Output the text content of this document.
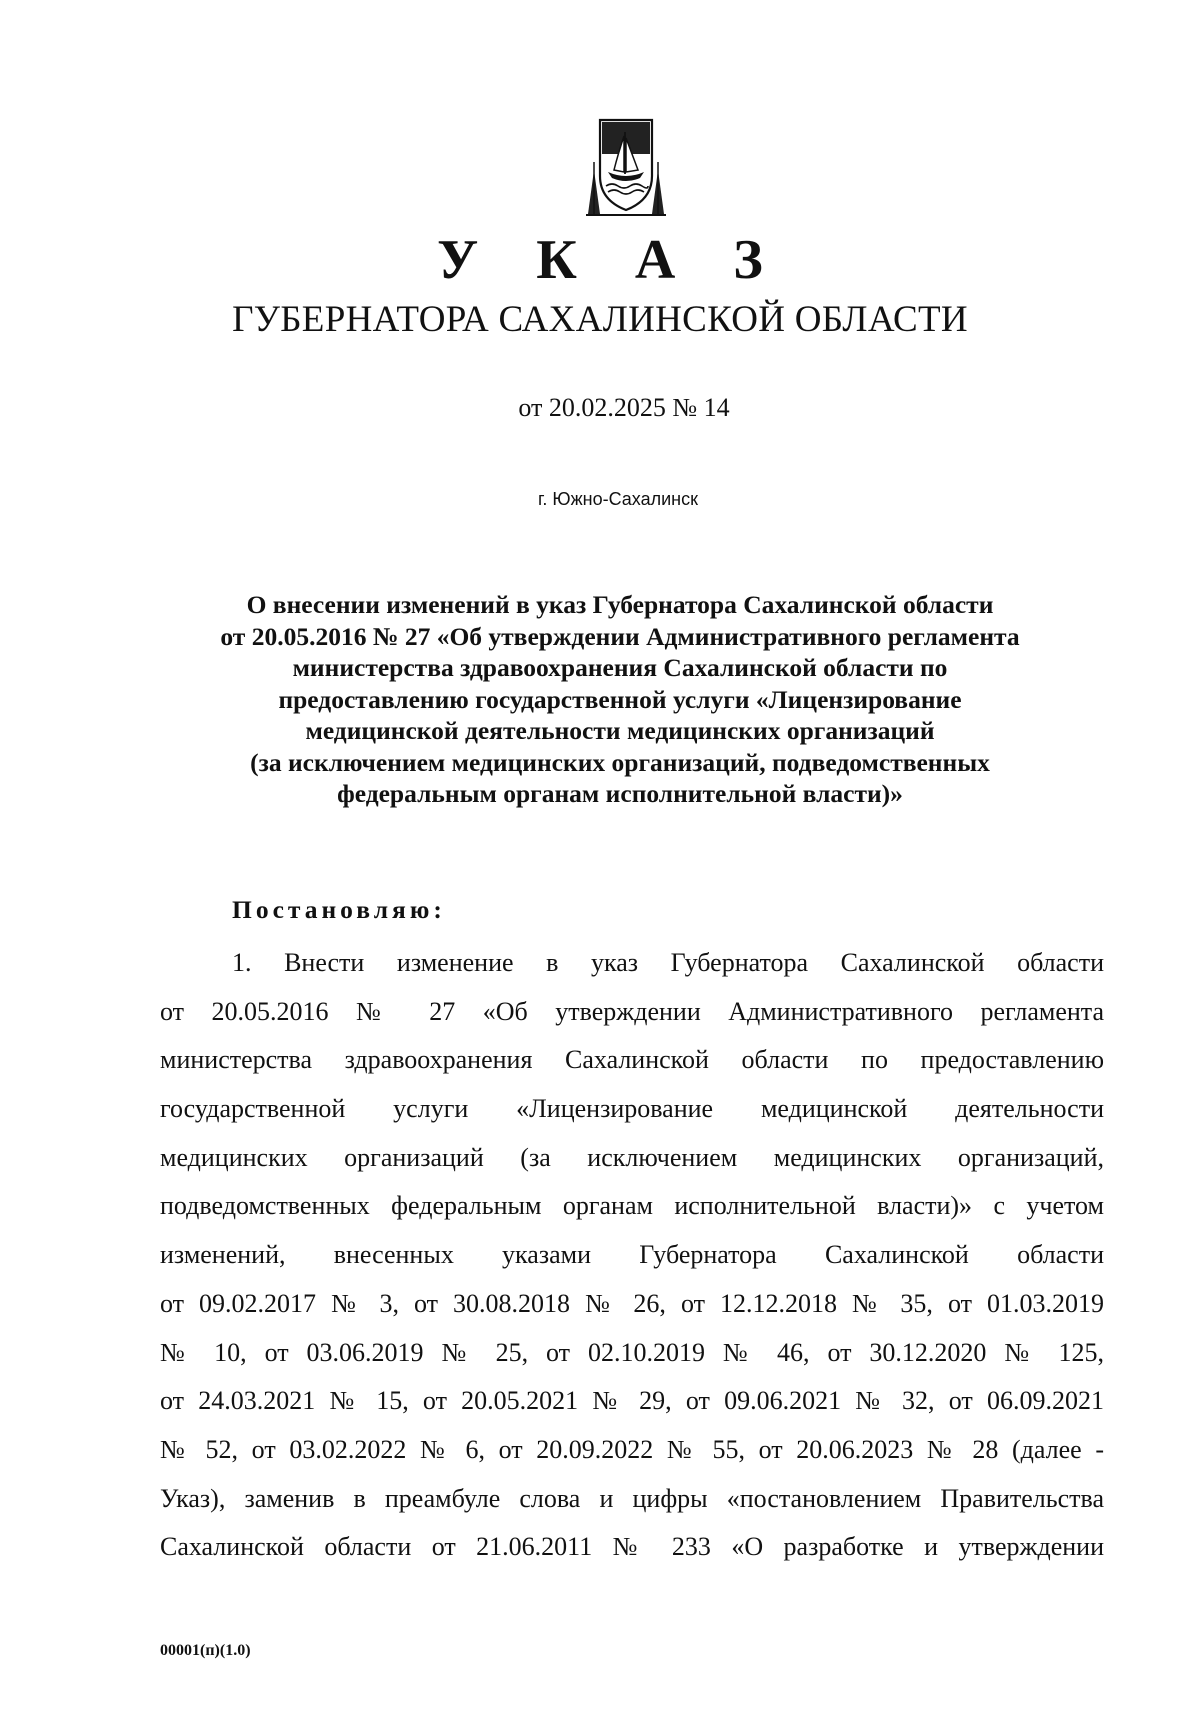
У К А З
ГУБЕРНАТОРА САХАЛИНСКОЙ ОБЛАСТИ
от 20.02.2025 № 14
г. Южно-Сахалинск
О внесении изменений в указ Губернатора Сахалинской области
от 20.05.2016 № 27 «Об утверждении Административного регламента
министерства здравоохранения Сахалинской области по
предоставлению государственной услуги «Лицензирование
медицинской деятельности медицинских организаций
(за исключением медицинских организаций, подведомственных
федеральным органам исполнительной власти)»
Постановляю:
1. Внести изменение в указ Губернатора Сахалинской области
от 20.05.2016 № 27 «Об утверждении Административного регламента
министерства здравоохранения Сахалинской области по предоставлению
государственной услуги «Лицензирование медицинской деятельности
медицинских организаций (за исключением медицинских организаций,
подведомственных федеральным органам исполнительной власти)» с учетом
изменений, внесенных указами Губернатора Сахалинской области
от 09.02.2017 № 3, от 30.08.2018 № 26, от 12.12.2018 № 35, от 01.03.2019
№ 10, от 03.06.2019 № 25, от 02.10.2019 № 46, от 30.12.2020 № 125,
от 24.03.2021 № 15, от 20.05.2021 № 29, от 09.06.2021 № 32, от 06.09.2021
№ 52, от 03.02.2022 № 6, от 20.09.2022 № 55, от 20.06.2023 № 28 (далее -
Указ), заменив в преамбуле слова и цифры «постановлением Правительства
Сахалинской области от 21.06.2011 № 233 «О разработке и утверждении
00001(п)(1.0)
